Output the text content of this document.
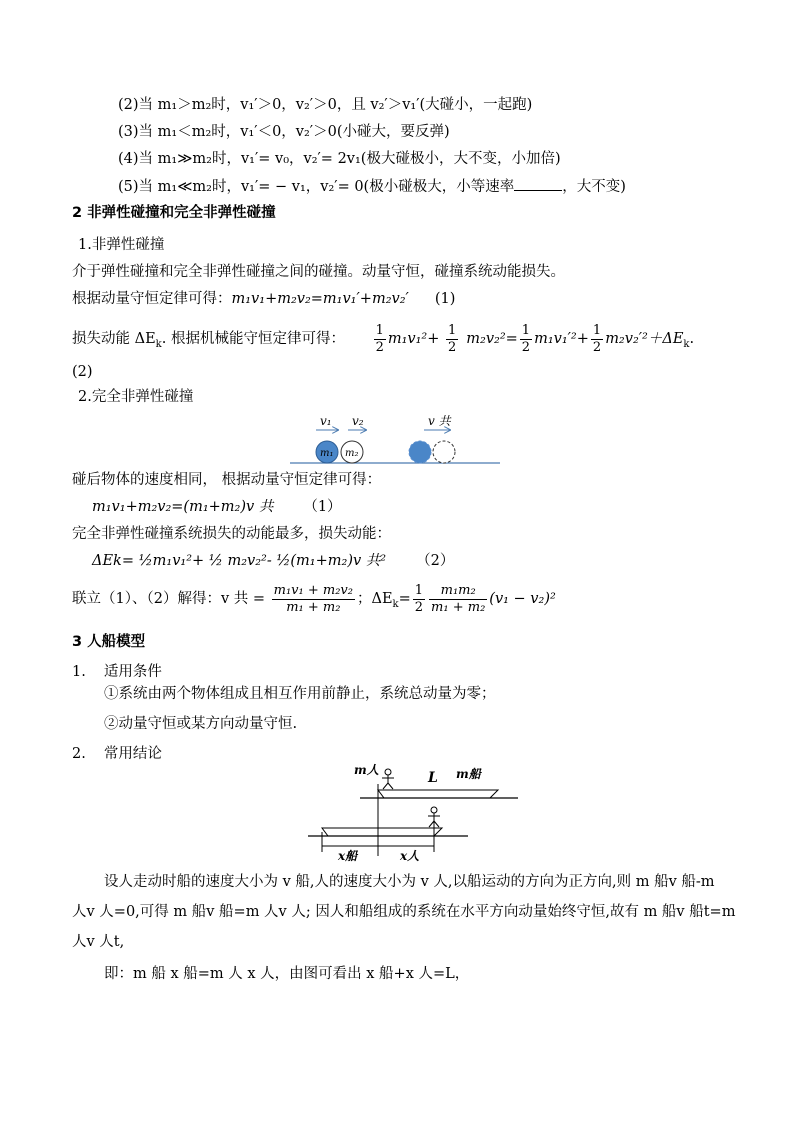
(2)当 m₁＞m₂时，v₁′＞0，v₂′＞0，且 v₂′＞v₁′(大碰小，一起跑)
(3)当 m₁＜m₂时，v₁′＜0，v₂′＞0(小碰大，要反弹)
(4)当 m₁≫m₂时，v₁′= v₀，v₂′= 2v₁(极大碰极小，大不变，小加倍)
(5)当 m₁≪m₂时，v₁′= − v₁，v₂′= 0(极小碰极大，小等速率	，大不变)
2 非弹性碰撞和完全非弹性碰撞
1.非弹性碰撞
介于弹性碰撞和完全非弹性碰撞之间的碰撞。动量守恒，碰撞系统动能损失。
根据动量守恒定律可得：m₁v₁+m₂v₂=m₁v₁′+m₂v₂′ (1)
损失动能 $\Delta E_k$. 根据机械能守恒定律可得： $\frac{1}{2} m_1v_1^2+ \frac{1}{2} m_2v_2^2= \frac{1}{2} m_1v_1'^2+ \frac{1}{2} m_2v_2'^2+\Delta E_k$.
(2)
2.完全非弹性碰撞
v₁ v₂
m₁ m₂
v 共
碰后物体的速度相同， 根据动量守恒定律可得：
m₁v₁+m₂v₂=(m₁+m₂)v 共 （1）
完全非弹性碰撞系统损失的动能最多，损失动能：
ΔEk= ½m₁v₁²+ ½ m₂v₂²- ½(m₁+m₂)v 共² （2）
联立（1）、（2）解得：v 共 = $\frac{\text{m₁v₁ + m₂v₂}}{\text{m₁ + m₂}}$ ；$\Delta E_k= \frac{1}{2} \frac{\text{m₁m₂}}{\text{m₁ + m₂}} (v_1 - v_2)^2$
3 人船模型
1. 适用条件
①系统由两个物体组成且相互作用前静止，系统总动量为零；
②动量守恒或某方向动量守恒.
2. 常用结论
m人	L m船
x船	x人
设人走动时船的速度大小为 v 船,人的速度大小为 v 人,以船运动的方向为正方向,则 m 船v 船-m
人v 人=0,可得 m 船v 船=m 人v 人; 因人和船组成的系统在水平方向动量始终守恒,故有 m 船v 船t=m
人v 人t,
即：m 船 x 船=m 人 x 人，由图可看出 x 船+x 人=L，
